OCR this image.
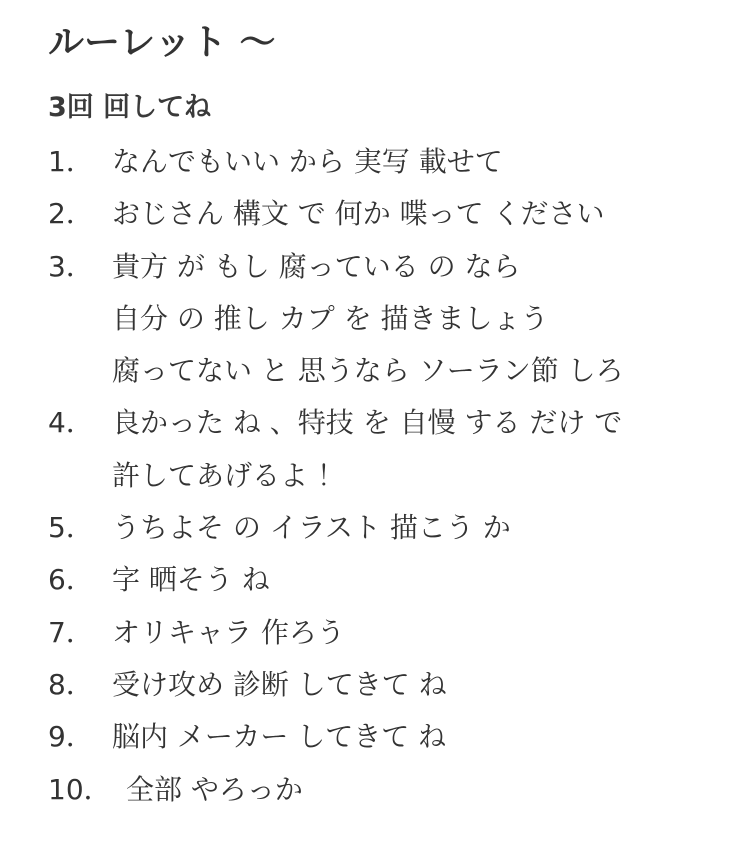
ルーレット 〜
3回 回してね
1． なんでもいい から 実写 載せて
2． おじさん 構文 で 何か 喋って ください
3． 貴方 が もし 腐っている の なら
自分 の 推し カプ を 描きましょう
腐ってない と 思うなら ソーラン節 しろ
4． 良かった ね 、特技 を 自慢 する だけ で
許してあげるよ ！
5． うちよそ の イラスト 描こう か
6． 字 晒そう ね
7． オリキャラ 作ろう
8． 受け攻め 診断 してきて ね
9． 脳内 メーカー してきて ね
10． 全部 やろっか
